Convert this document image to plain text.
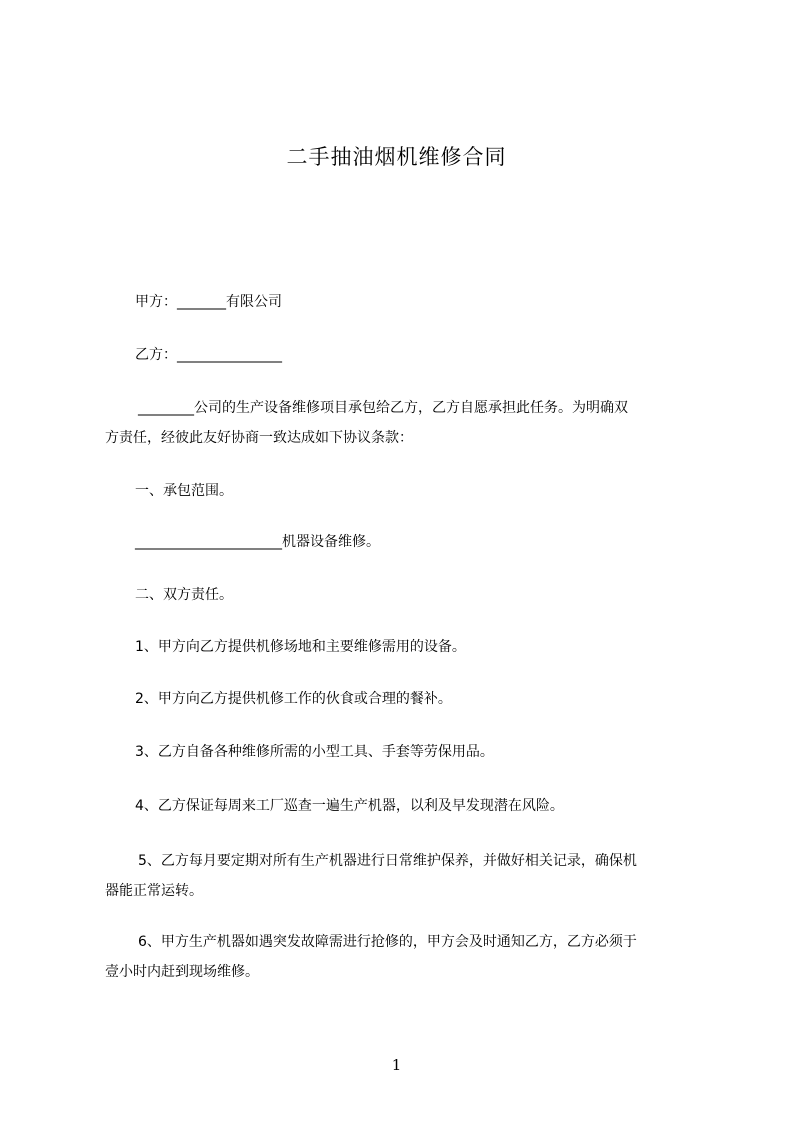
二手抽油烟机维修合同
甲方：_______有限公司
乙方：_______________
________公司的生产设备维修项目承包给乙方，乙方自愿承担此任务。为明确双
方责任，经彼此友好协商一致达成如下协议条款：
一、承包范围。
_____________________机器设备维修。
二、双方责任。
1、甲方向乙方提供机修场地和主要维修需用的设备。
2、甲方向乙方提供机修工作的伙食或合理的餐补。
3、乙方自备各种维修所需的小型工具、手套等劳保用品。
4、乙方保证每周来工厂巡查一遍生产机器，以利及早发现潜在风险。
5、乙方每月要定期对所有生产机器进行日常维护保养，并做好相关记录，确保机
器能正常运转。
6、甲方生产机器如遇突发故障需进行抢修的，甲方会及时通知乙方，乙方必须于
壹小时内赶到现场维修。
1
